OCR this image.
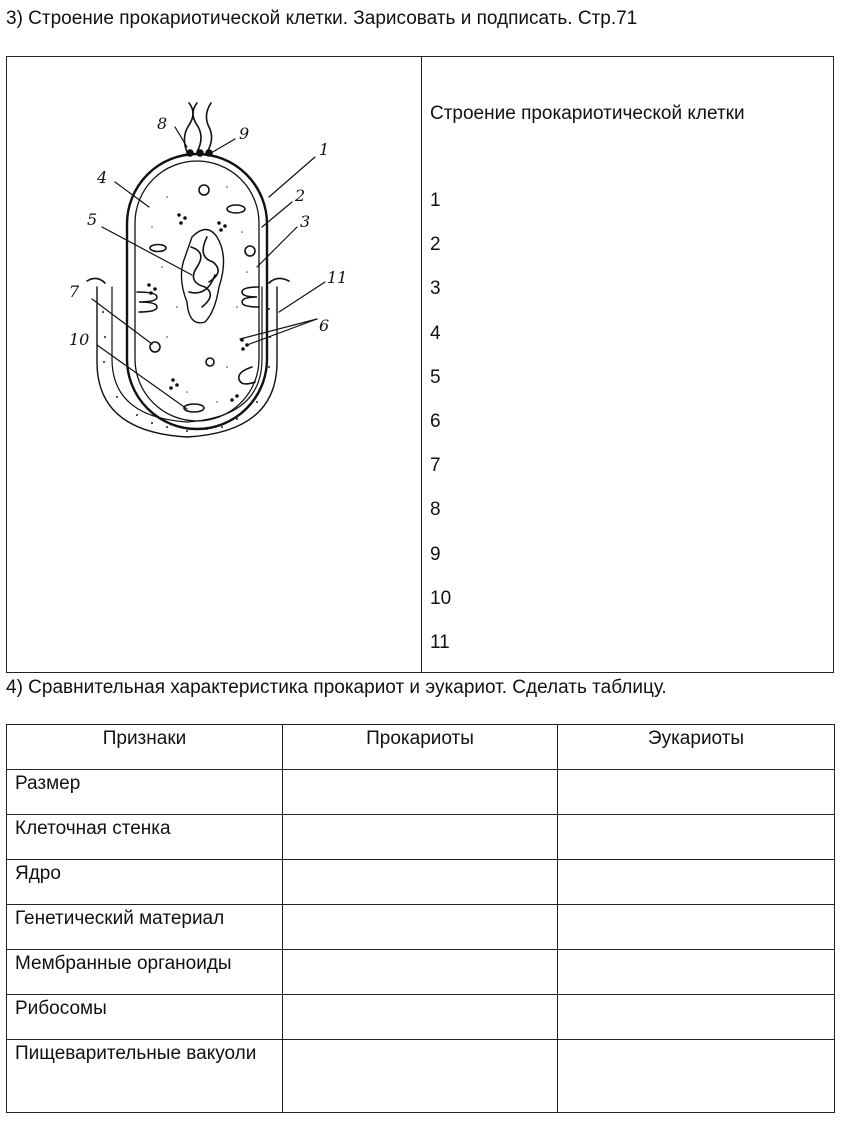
3) Строение прокариотической клетки. Зарисовать и подписать. Стр.71
1
2
3
4
5
6
7
8
9
10
11
Строение прокариотической клетки
1
2
3
4
5
6
7
8
9
10
11
4) Сравнительная характеристика прокариот и эукариот. Сделать таблицу.
Признаки	Прокариоты	Эукариоты
Размер		
Клеточная стенка		
Ядро		
Генетический материал		
Мембранные органоиды		
Рибосомы		
Пищеварительные вакуоли		
